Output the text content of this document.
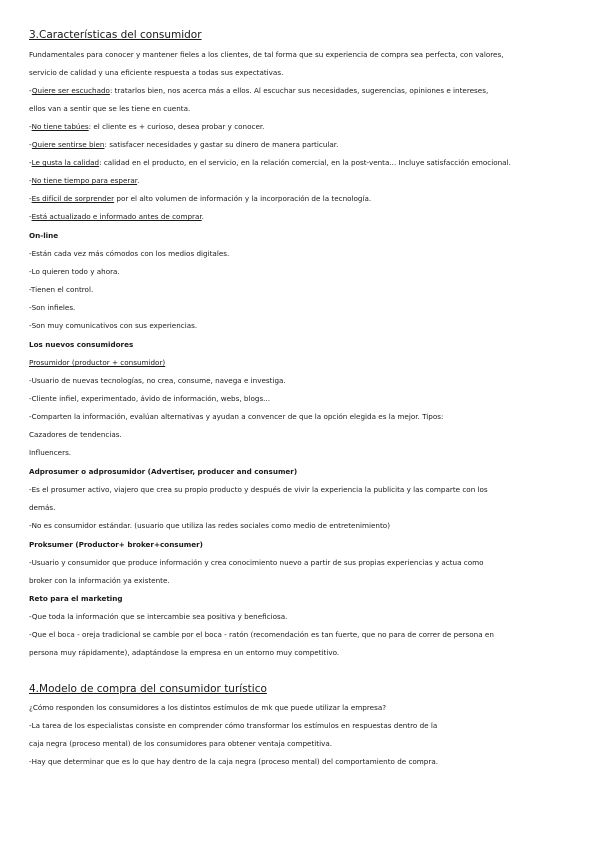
3.Características del consumidor
Fundamentales para conocer y mantener fieles a los clientes, de tal forma que su experiencia de compra sea perfecta, con valores,
servicio de calidad y una eficiente respuesta a todas sus expectativas.
-Quiere ser escuchado: tratarlos bien, nos acerca más a ellos. Al escuchar sus necesidades, sugerencias, opiniones e intereses,
ellos van a sentir que se les tiene en cuenta.
-No tiene tabúes: el cliente es + curioso, desea probar y conocer.
-Quiere sentirse bien: satisfacer necesidades y gastar su dinero de manera particular.
-Le gusta la calidad: calidad en el producto, en el servicio, en la relación comercial, en la post-venta... Incluye satisfacción emocional.
-No tiene tiempo para esperar.
-Es difícil de sorprender por el alto volumen de información y la incorporación de la tecnología.
-Está actualizado e informado antes de comprar.
On-line
-Están cada vez más cómodos con los medios digitales.
-Lo quieren todo y ahora.
-Tienen el control.
-Son infieles.
-Son muy comunicativos con sus experiencias.
Los nuevos consumidores
Prosumidor (productor + consumidor)
-Usuario de nuevas tecnologías, no crea, consume, navega e investiga.
-Cliente infiel, experimentado, ávido de información, webs, blogs...
-Comparten la información, evalúan alternativas y ayudan a convencer de que la opción elegida es la mejor. Tipos:
Cazadores de tendencias.
Influencers.
Adprosumer o adprosumidor (Advertiser, producer and consumer)
-Es el prosumer activo, viajero que crea su propio producto y después de vivir la experiencia la publicita y las comparte con los
demás.
-No es consumidor estándar. (usuario que utiliza las redes sociales como medio de entretenimiento)
Proksumer (Productor+ broker+consumer)
-Usuario y consumidor que produce información y crea conocimiento nuevo a partir de sus propias experiencias y actua como
broker con la información ya existente.
Reto para el marketing
-Que toda la información que se intercambie sea positiva y beneficiosa.
-Que el boca - oreja tradicional se cambie por el boca - ratón (recomendación es tan fuerte, que no para de correr de persona en
persona muy rápidamente), adaptándose la empresa en un entorno muy competitivo.
4.Modelo de compra del consumidor turístico
¿Cómo responden los consumidores a los distintos estímulos de mk que puede utilizar la empresa?
-La tarea de los especialistas consiste en comprender cómo transformar los estímulos en respuestas dentro de la
caja negra (proceso mental) de los consumidores para obtener ventaja competitiva.
-Hay que determinar que es lo que hay dentro de la caja negra (proceso mental) del comportamiento de compra.
